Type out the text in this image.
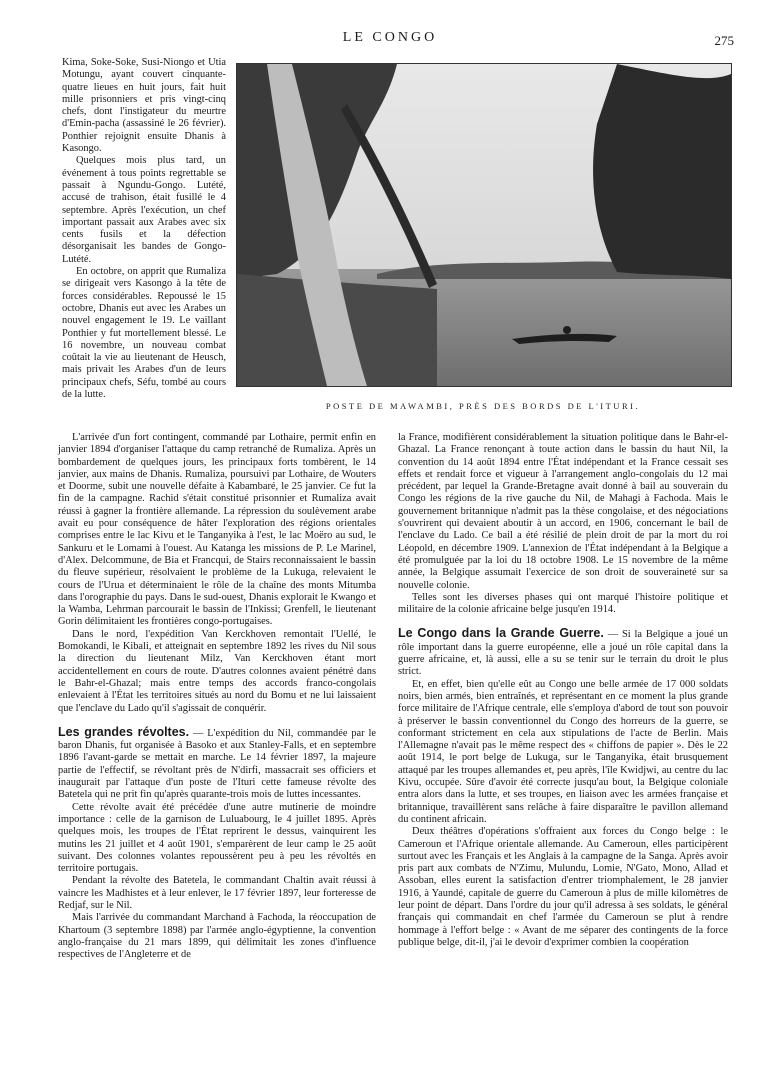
LE CONGO	275

Kima, Soke-Soke, Susi-Niongo et Utia Motungu, ayant couvert cinquante-quatre lieues en huit jours, fait huit mille prisonniers et pris vingt-cinq chefs, dont l'instigateur du meurtre d'Emin-pacha (assassiné le 26 février). Ponthier rejoignit ensuite Dhanis à Kasongo.

Quelques mois plus tard, un événement à tous points regrettable se passait à Ngundu-Gongo. Lutété, accusé de trahison, était fusillé le 4 septembre. Après l'exécution, un chef important passait aux Arabes avec six cents fusils et la défection désorganisait les bandes de Gongo-Lutété.

En octobre, on apprit que Rumaliza se dirigeait vers Kasongo à la tête de forces considérables. Repoussé le 15 octobre, Dhanis eut avec les Arabes un nouvel engagement le 19. Le vaillant Ponthier y fut mortellement blessé. Le 16 novembre, un nouveau combat coûtait la vie au lieutenant de Heusch, mais privait les Arabes d'un de leurs principaux chefs, Séfu, tombé au cours de la lutte.

POSTE DE MAWAMBI, PRÈS DES BORDS DE L'ITURI.

L'arrivée d'un fort contingent, commandé par Lothaire, permit enfin en janvier 1894 d'organiser l'attaque du camp retranché de Rumaliza. Après un bombardement de quelques jours, les principaux forts tombèrent, le 14 janvier, aux mains de Dhanis. Rumaliza, poursuivi par Lothaire, de Wouters et Doorme, subit une nouvelle défaite à Kabambaré, le 25 janvier. Ce fut la fin de la campagne. Rachid s'était constitué prisonnier et Rumaliza avait réussi à gagner la frontière allemande. La répression du soulèvement arabe avait eu pour conséquence de hâter l'exploration des régions orientales comprises entre le lac Kivu et le Tanganyika à l'est, le lac Moëro au sud, le Sankuru et le Lomami à l'ouest. Au Katanga les missions de P. Le Marinel, d'Alex. Delcommune, de Bia et Francqui, de Stairs reconnaissaient le bassin du fleuve supérieur, résolvaient le problème de la Lukuga, relevaient le cours de l'Urua et déterminaient le rôle de la chaîne des monts Mitumba dans l'orographie du pays. Dans le sud-ouest, Dhanis explorait le Kwango et la Wamba, Lehrman parcourait le bassin de l'Inkissi; Grenfell, le lieutenant Gorin délimitaient les frontières congo-portugaises.

Dans le nord, l'expédition Van Kerckhoven remontait l'Uellé, le Bomokandi, le Kibali, et atteignait en septembre 1892 les rives du Nil sous la direction du lieutenant Milz, Van Kerckhoven étant mort accidentellement en cours de route. D'autres colonnes avaient pénétré dans le Bahr-el-Ghazal; mais entre temps des accords franco-congolais enlevaient à l'État les territoires situés au nord du Bomu et ne lui laissaient que l'enclave du Lado qu'il s'agissait de conquérir.

Les grandes révoltes. — L'expédition du Nil, commandée par le baron Dhanis, fut organisée à Basoko et aux Stanley-Falls, et en septembre 1896 l'avant-garde se mettait en marche. Le 14 février 1897, la majeure partie de l'effectif, se révoltant près de N'dirfi, massacrait ses officiers et inaugurait par l'attaque d'un poste de l'Ituri cette fameuse révolte des Batetela qui ne prit fin qu'après quarante-trois mois de luttes incessantes.

Cette révolte avait été précédée d'une autre mutinerie de moindre importance : celle de la garnison de Luluabourg, le 4 juillet 1895. Après quelques mois, les troupes de l'État reprirent le dessus, vainquirent les mutins les 21 juillet et 4 août 1901, s'emparèrent de leur camp le 25 août suivant. Des colonnes volantes repoussèrent peu à peu les révoltés en territoire portugais.

Pendant la révolte des Batetela, le commandant Chaltin avait réussi à vaincre les Madhistes et à leur enlever, le 17 février 1897, leur forteresse de Redjaf, sur le Nil.

Mais l'arrivée du commandant Marchand à Fachoda, la réoccupation de Khartoum (3 septembre 1898) par l'armée anglo-égyptienne, la convention anglo-française du 21 mars 1899, qui délimitait les zones d'influence respectives de l'Angleterre et de

la France, modifièrent considérablement la situation politique dans le Bahr-el-Ghazal. La France renonçant à toute action dans le bassin du haut Nil, la convention du 14 août 1894 entre l'État indépendant et la France cessait ses effets et rendait force et vigueur à l'arrangement anglo-congolais du 12 mai précédent, par lequel la Grande-Bretagne avait donné à bail au souverain du Congo les régions de la rive gauche du Nil, de Mahagi à Fachoda. Mais le gouvernement britannique n'admit pas la thèse congolaise, et des négociations s'ouvrirent qui devaient aboutir à un accord, en 1906, concernant le bail de l'enclave du Lado. Ce bail a été résilié de plein droit de par la mort du roi Léopold, en décembre 1909. L'annexion de l'État indépendant à la Belgique a été promulguée par la loi du 18 octobre 1908. Le 15 novembre de la même année, la Belgique assumait l'exercice de son droit de souveraineté sur sa nouvelle colonie.

Telles sont les diverses phases qui ont marqué l'histoire politique et militaire de la colonie africaine belge jusqu'en 1914.

Le Congo dans la Grande Guerre. — Si la Belgique a joué un rôle important dans la guerre européenne, elle a joué un rôle capital dans la guerre africaine, et, là aussi, elle a su se tenir sur le terrain du droit le plus strict.

Et, en effet, bien qu'elle eût au Congo une belle armée de 17 000 soldats noirs, bien armés, bien entraînés, et représentant en ce moment la plus grande force militaire de l'Afrique centrale, elle s'employa d'abord de tout son pouvoir à préserver le bassin conventionnel du Congo des horreurs de la guerre, se conformant strictement en cela aux stipulations de l'acte de Berlin. Mais l'Allemagne n'avait pas le même respect des « chiffons de papier ». Dès le 22 août 1914, le port belge de Lukuga, sur le Tanganyika, était brusquement attaqué par les troupes allemandes et, peu après, l'île Kwidjwi, au centre du lac Kivu, occupée. Sûre d'avoir été correcte jusqu'au bout, la Belgique coloniale entra alors dans la lutte, et ses troupes, en liaison avec les armées française et britannique, travaillèrent sans relâche à faire disparaître le pavillon allemand du continent africain.

Deux théâtres d'opérations s'offraient aux forces du Congo belge : le Cameroun et l'Afrique orientale allemande. Au Cameroun, elles participèrent surtout avec les Français et les Anglais à la campagne de la Sanga. Après avoir pris part aux combats de N'Zimu, Mulundu, Lomie, N'Gato, Mono, Allad et Assoban, elles eurent la satisfaction d'entrer triomphalement, le 28 janvier 1916, à Yaundé, capitale de guerre du Cameroun à plus de mille kilomètres de leur point de départ. Dans l'ordre du jour qu'il adressa à ses soldats, le général français qui commandait en chef l'armée du Cameroun se plut à rendre hommage à l'effort belge : « Avant de me séparer des contingents de la force publique belge, dit-il, j'ai le devoir d'exprimer combien la coopération
